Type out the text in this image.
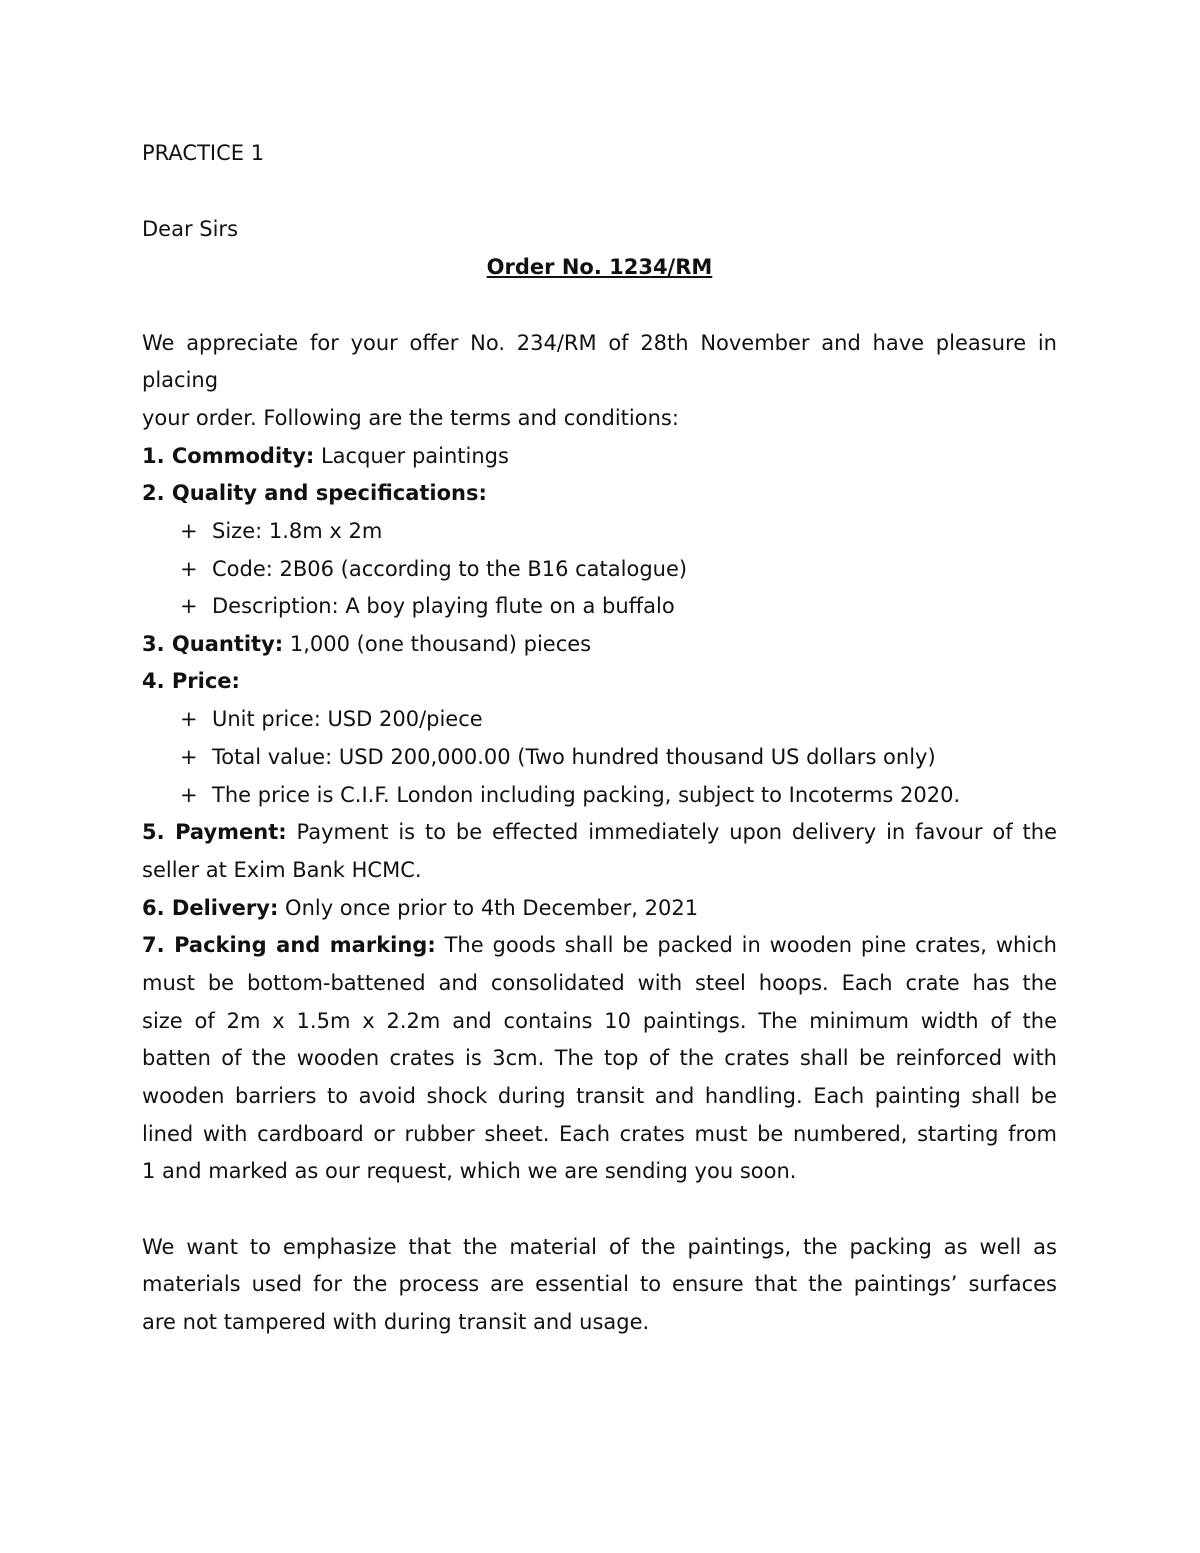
PRACTICE 1
Dear Sirs
Order No. 1234/RM
We appreciate for your offer No. 234/RM of 28th November and have pleasure in
placing
your order. Following are the terms and conditions:
1. Commodity: Lacquer paintings
2. Quality and specifications:
+ Size: 1.8m x 2m
+ Code: 2B06 (according to the B16 catalogue)
+ Description: A boy playing flute on a buffalo
3. Quantity: 1,000 (one thousand) pieces
4. Price:
+ Unit price: USD 200/piece
+ Total value: USD 200,000.00 (Two hundred thousand US dollars only)
+ The price is C.I.F. London including packing, subject to Incoterms 2020.
5. Payment: Payment is to be effected immediately upon delivery in favour of the
seller at Exim Bank HCMC.
6. Delivery: Only once prior to 4th December, 2021
7. Packing and marking: The goods shall be packed in wooden pine crates, which
must be bottom-battened and consolidated with steel hoops. Each crate has the
size of 2m x 1.5m x 2.2m and contains 10 paintings. The minimum width of the
batten of the wooden crates is 3cm. The top of the crates shall be reinforced with
wooden barriers to avoid shock during transit and handling. Each painting shall be
lined with cardboard or rubber sheet. Each crates must be numbered, starting from
1 and marked as our request, which we are sending you soon.
We want to emphasize that the material of the paintings, the packing as well as
materials used for the process are essential to ensure that the paintings’ surfaces
are not tampered with during transit and usage.
